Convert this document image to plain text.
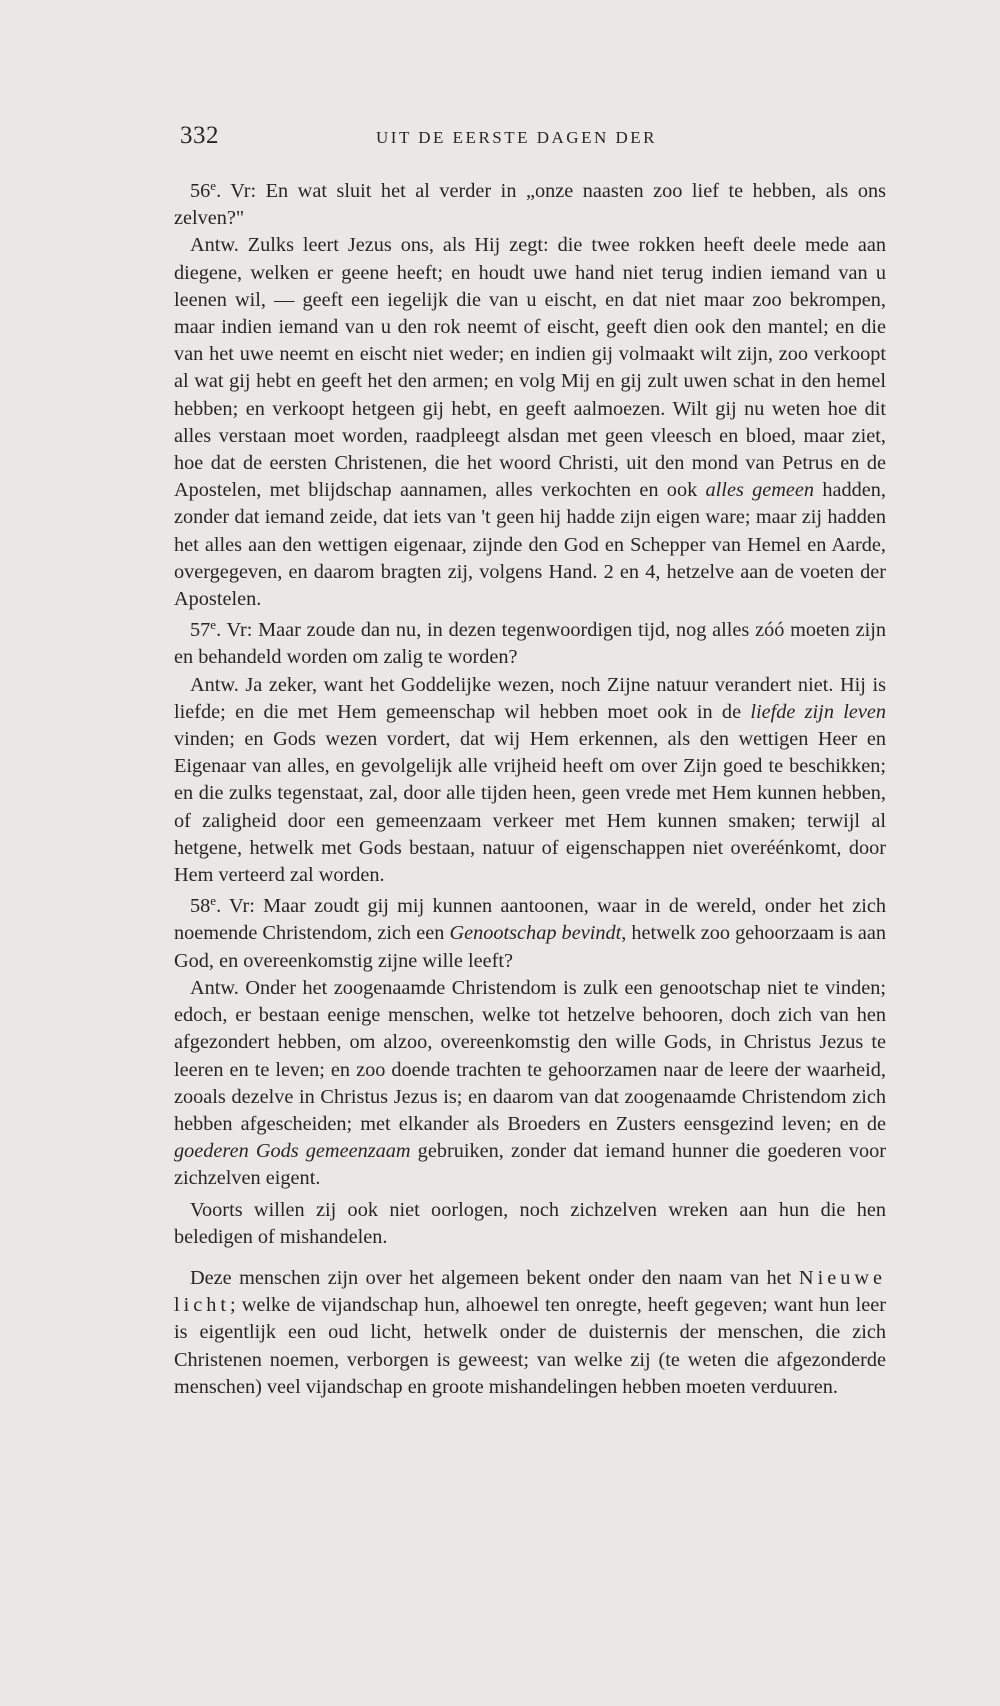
332	UIT DE EERSTE DAGEN DER

56e. Vr: En wat sluit het al verder in „onze naasten zoo lief te hebben, als ons zelven?"

Antw. Zulks leert Jezus ons, als Hij zegt: die twee rokken heeft deele mede aan diegene, welken er geene heeft; en houdt uwe hand niet terug indien iemand van u leenen wil, — geeft een iegelijk die van u eischt, en dat niet maar zoo bekrompen, maar indien iemand van u den rok neemt of eischt, geeft dien ook den mantel; en die van het uwe neemt en eischt niet weder; en indien gij volmaakt wilt zijn, zoo verkoopt al wat gij hebt en geeft het den armen; en volg Mij en gij zult uwen schat in den hemel hebben; en verkoopt hetgeen gij hebt, en geeft aalmoezen. Wilt gij nu weten hoe dit alles verstaan moet worden, raadpleegt alsdan met geen vleesch en bloed, maar ziet, hoe dat de eersten Christenen, die het woord Christi, uit den mond van Petrus en de Apostelen, met blijdschap aannamen, alles verkochten en ook alles gemeen hadden, zonder dat iemand zeide, dat iets van 't geen hij hadde zijn eigen ware; maar zij hadden het alles aan den wettigen eigenaar, zijnde den God en Schepper van Hemel en Aarde, overgegeven, en daarom bragten zij, volgens Hand. 2 en 4, hetzelve aan de voeten der Apostelen.

57e. Vr: Maar zoude dan nu, in dezen tegenwoordigen tijd, nog alles zóó moeten zijn en behandeld worden om zalig te worden?

Antw. Ja zeker, want het Goddelijke wezen, noch Zijne natuur verandert niet. Hij is liefde; en die met Hem gemeenschap wil hebben moet ook in de liefde zijn leven vinden; en Gods wezen vordert, dat wij Hem erkennen, als den wettigen Heer en Eigenaar van alles, en gevolgelijk alle vrijheid heeft om over Zijn goed te beschikken; en die zulks tegenstaat, zal, door alle tijden heen, geen vrede met Hem kunnen hebben, of zaligheid door een gemeenzaam verkeer met Hem kunnen smaken; terwijl al hetgene, hetwelk met Gods bestaan, natuur of eigenschappen niet overéénkomt, door Hem verteerd zal worden.

58e. Vr: Maar zoudt gij mij kunnen aantoonen, waar in de wereld, onder het zich noemende Christendom, zich een Genootschap bevindt, hetwelk zoo gehoorzaam is aan God, en overeenkomstig zijne wille leeft?

Antw. Onder het zoogenaamde Christendom is zulk een genootschap niet te vinden; edoch, er bestaan eenige menschen, welke tot hetzelve behooren, doch zich van hen afgezondert hebben, om alzoo, overeenkomstig den wille Gods, in Christus Jezus te leeren en te leven; en zoo doende trachten te gehoorzamen naar de leere der waarheid, zooals dezelve in Christus Jezus is; en daarom van dat zoogenaamde Christendom zich hebben afgescheiden; met elkander als Broeders en Zusters eensgezind leven; en de goederen Gods gemeenzaam gebruiken, zonder dat iemand hunner die goederen voor zichzelven eigent.

Voorts willen zij ook niet oorlogen, noch zichzelven wreken aan hun die hen beledigen of mishandelen.

Deze menschen zijn over het algemeen bekent onder den naam van het Nieuwe licht; welke de vijandschap hun, alhoewel ten onregte, heeft gegeven; want hun leer is eigentlijk een oud licht, hetwelk onder de duisternis der menschen, die zich Christenen noemen, verborgen is geweest; van welke zij (te weten die afgezonderde menschen) veel vijandschap en groote mishandelingen hebben moeten verduuren.
